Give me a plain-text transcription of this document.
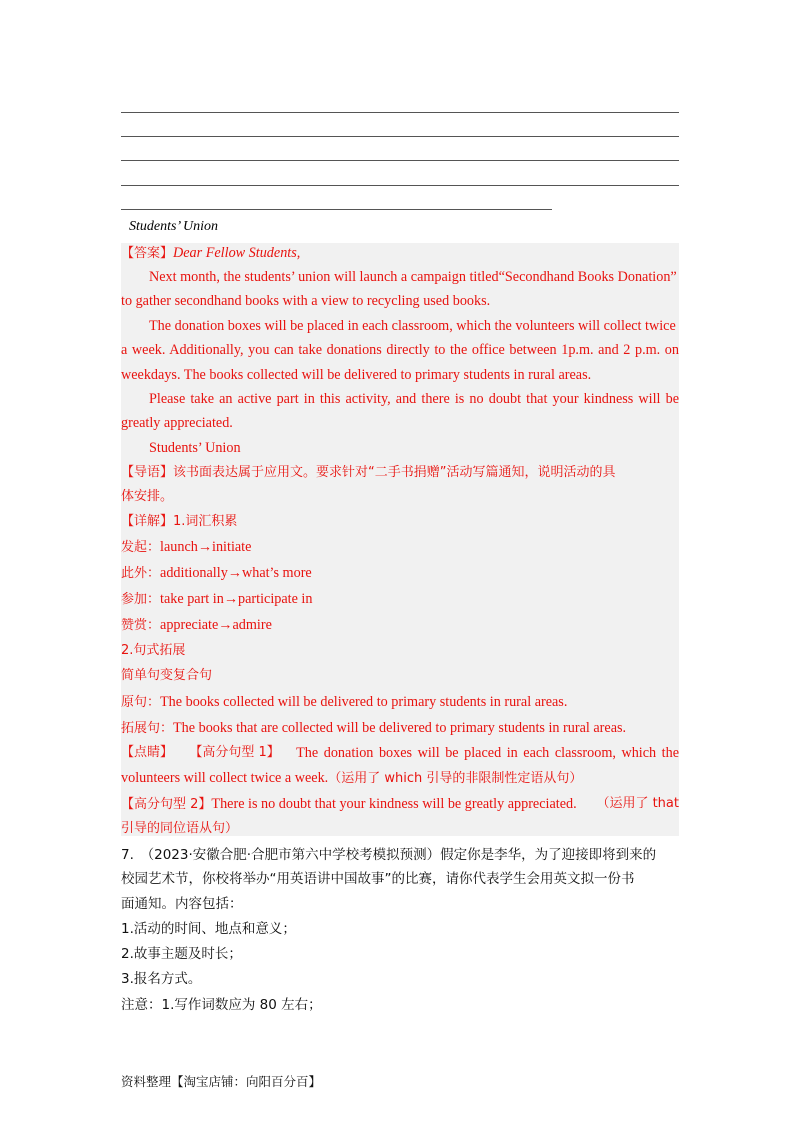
Students’ Union
【答案】Dear Fellow Students,
Next month, the students’ union will launch a campaign titled“Secondhand Books Donation”
to gather secondhand books with a view to recycling used books.
The donation boxes will be placed in each classroom, which the volunteers will collect twice
a week. Additionally, you can take donations directly to the office between 1p.m. and 2 p.m. on
weekdays. The books collected will be delivered to primary students in rural areas.
Please take an active part in this activity, and there is no doubt that your kindness will be
greatly appreciated.
Students’ Union
【导语】该书面表达属于应用文。要求针对“二手书捐赠”活动写篇通知，说明活动的具
体安排。
【详解】1.词汇积累
发起：launch→initiate
此外：additionally→what’s more
参加：take part in→participate in
赞赏：appreciate→admire
2.句式拓展
简单句变复合句
原句：The books collected will be delivered to primary students in rural areas.
拓展句：The books that are collected will be delivered to primary students in rural areas.
【点睛】 【高分句型 1】 The donation boxes will be placed in each classroom, which the
volunteers will collect twice a week.（运用了 which 引导的非限制性定语从句）
【高分句型 2】There is no doubt that your kindness will be greatly appreciated. （运用了 that
引导的同位语从句）
7.　（2023·安徽合肥·合肥市第六中学校考模拟预测）假定你是李华，为了迎接即将到来的
校园艺术节，你校将举办“用英语讲中国故事”的比赛，请你代表学生会用英文拟一份书
面通知。内容包括：
1.活动的时间、地点和意义；
2.故事主题及时长；
3.报名方式。
注意：1.写作词数应为 80 左右；
资料整理【淘宝店铺：向阳百分百】
